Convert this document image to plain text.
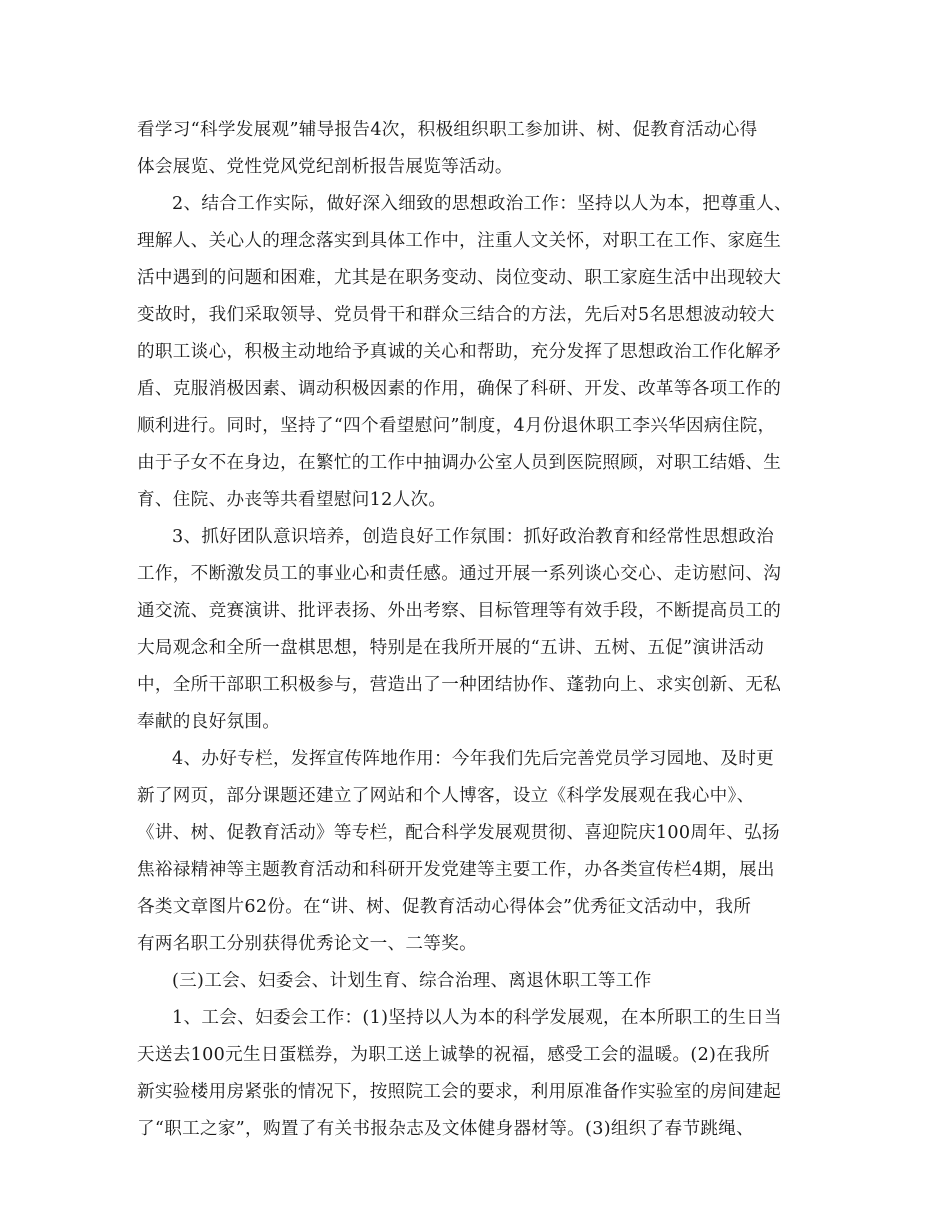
看学习“科学发展观”辅导报告4次，积极组织职工参加讲、树、促教育活动心得
体会展览、党性党风党纪剖析报告展览等活动。
2、结合工作实际，做好深入细致的思想政治工作：坚持以人为本，把尊重人、
理解人、关心人的理念落实到具体工作中，注重人文关怀，对职工在工作、家庭生
活中遇到的问题和困难，尤其是在职务变动、岗位变动、职工家庭生活中出现较大
变故时，我们采取领导、党员骨干和群众三结合的方法，先后对5名思想波动较大
的职工谈心，积极主动地给予真诚的关心和帮助，充分发挥了思想政治工作化解矛
盾、克服消极因素、调动积极因素的作用，确保了科研、开发、改革等各项工作的
顺利进行。同时，坚持了“四个看望慰问”制度，4月份退休职工李兴华因病住院，
由于子女不在身边，在繁忙的工作中抽调办公室人员到医院照顾，对职工结婚、生
育、住院、办丧等共看望慰问12人次。
3、抓好团队意识培养，创造良好工作氛围：抓好政治教育和经常性思想政治
工作，不断激发员工的事业心和责任感。通过开展一系列谈心交心、走访慰问、沟
通交流、竞赛演讲、批评表扬、外出考察、目标管理等有效手段，不断提高员工的
大局观念和全所一盘棋思想，特别是在我所开展的“五讲、五树、五促”演讲活动
中，全所干部职工积极参与，营造出了一种团结协作、蓬勃向上、求实创新、无私
奉献的良好氛围。
4、办好专栏，发挥宣传阵地作用：今年我们先后完善党员学习园地、及时更
新了网页，部分课题还建立了网站和个人博客，设立《科学发展观在我心中》、
《讲、树、促教育活动》等专栏，配合科学发展观贯彻、喜迎院庆100周年、弘扬
焦裕禄精神等主题教育活动和科研开发党建等主要工作，办各类宣传栏4期，展出
各类文章图片62份。在“讲、树、促教育活动心得体会”优秀征文活动中，我所
有两名职工分别获得优秀论文一、二等奖。
(三)工会、妇委会、计划生育、综合治理、离退休职工等工作
1、工会、妇委会工作：(1)坚持以人为本的科学发展观，在本所职工的生日当
天送去100元生日蛋糕券，为职工送上诚挚的祝福，感受工会的温暖。(2)在我所
新实验楼用房紧张的情况下，按照院工会的要求，利用原准备作实验室的房间建起
了“职工之家”，购置了有关书报杂志及文体健身器材等。(3)组织了春节跳绳、
